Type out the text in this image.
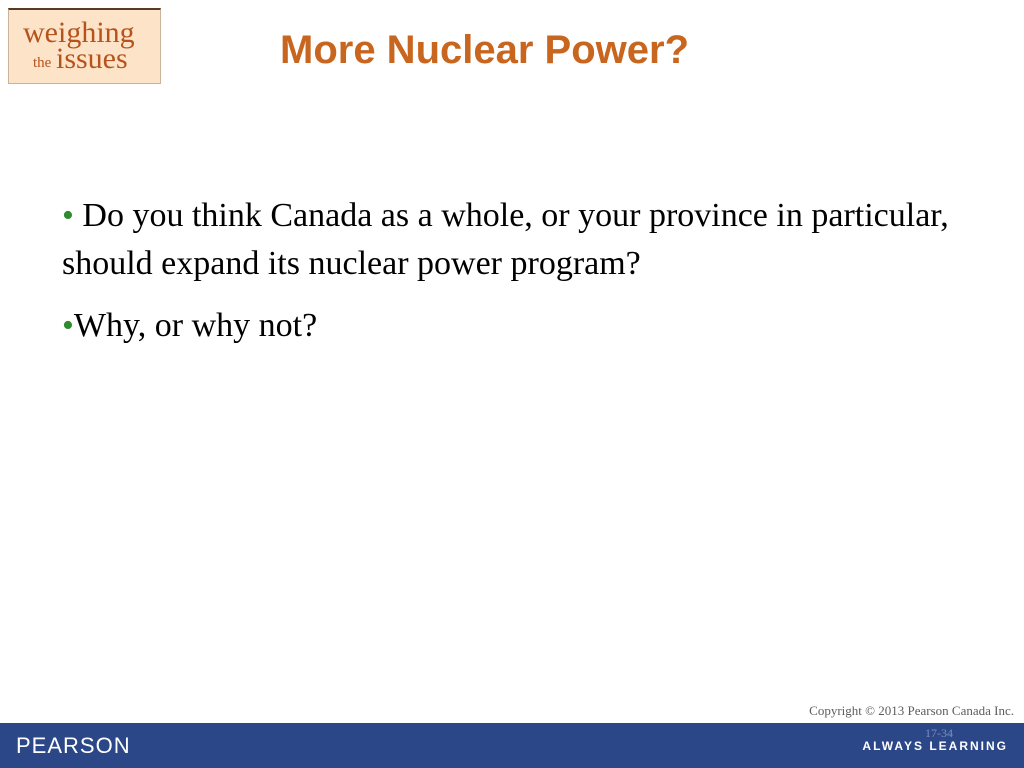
weighing
the issues	More Nuclear Power?

• Do you think Canada as a whole, or your province in particular, should expand its nuclear power program?

•Why, or why not?

Copyright © 2013 Pearson Canada Inc.
PEARSON	17-34
ALWAYS LEARNING
